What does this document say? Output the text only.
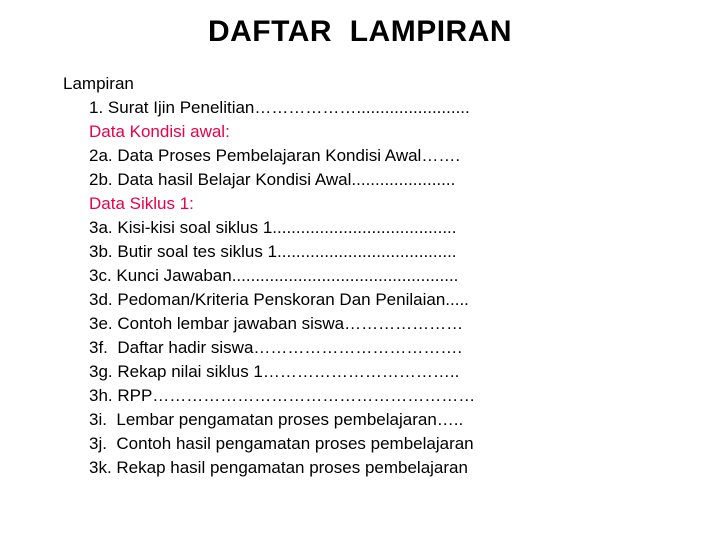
DAFTAR  LAMPIRAN
Lampiran
1. Surat Ijin Penelitian………………........................
Data Kondisi awal:
2a. Data Proses Pembelajaran Kondisi Awal…….
2b. Data hasil Belajar Kondisi Awal......................
Data Siklus 1:
3a. Kisi-kisi soal siklus 1.......................................
3b. Butir soal tes siklus 1......................................
3c. Kunci Jawaban................................................
3d. Pedoman/Kriteria Penskoran Dan Penilaian.....
3e. Contoh lembar jawaban siswa…………………
3f.  Daftar hadir siswa……………………………….
3g. Rekap nilai siklus 1……………………………..
3h. RPP…………………………………………………
3i.  Lembar pengamatan proses pembelajaran…..
3j.  Contoh hasil pengamatan proses pembelajaran
3k. Rekap hasil pengamatan proses pembelajaran
